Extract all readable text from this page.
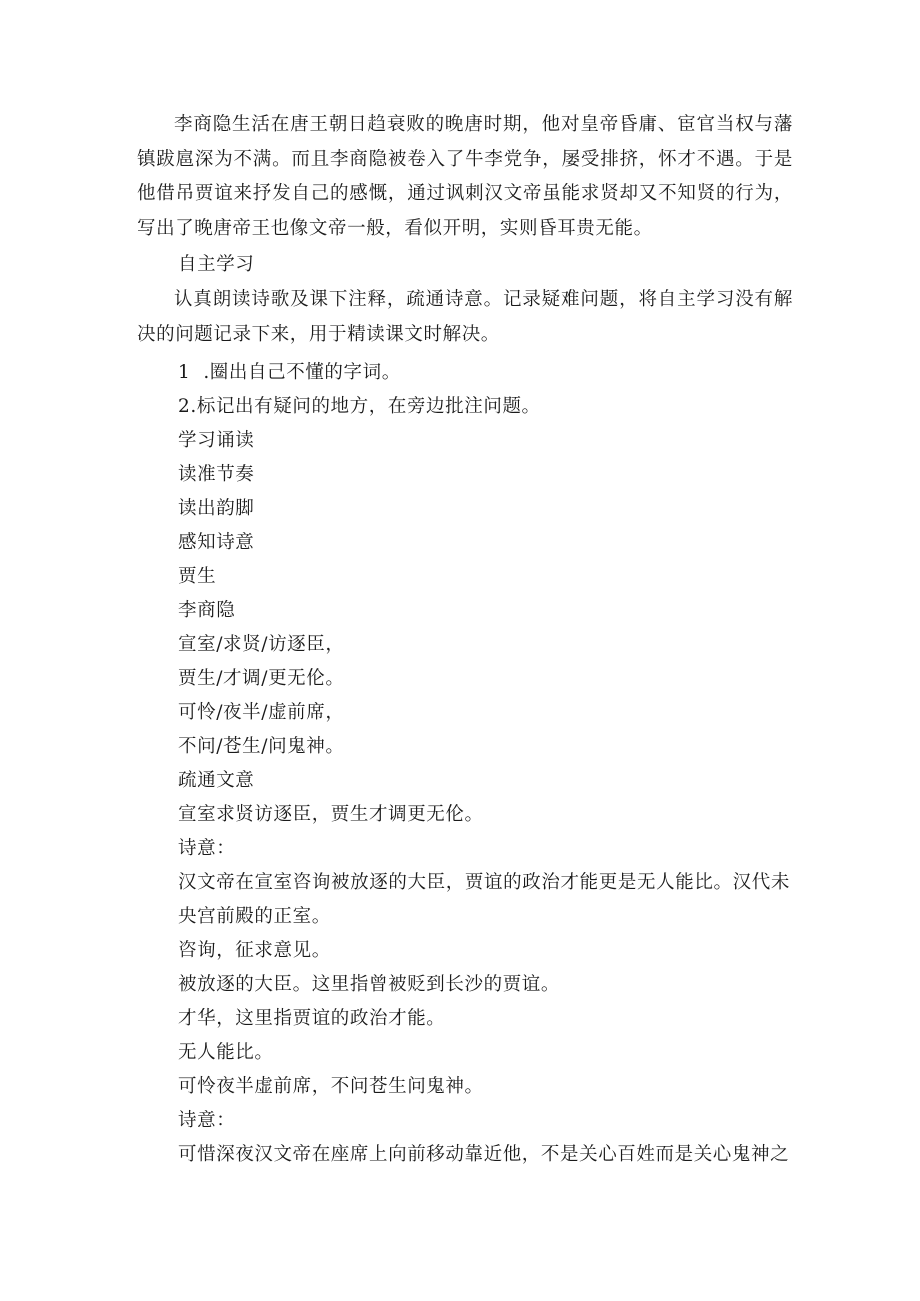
李商隐生活在唐王朝日趋衰败的晚唐时期，他对皇帝昏庸、宦官当权与藩镇跋扈深为不满。而且李商隐被卷入了牛李党争，屡受排挤，怀才不遇。于是他借吊贾谊来抒发自己的感慨，通过讽刺汉文帝虽能求贤却又不知贤的行为，写出了晚唐帝王也像文帝一般，看似开明，实则昏耳贵无能。

自主学习

认真朗读诗歌及课下注释，疏通诗意。记录疑难问题，将自主学习没有解决的问题记录下来，用于精读课文时解决。

1  .圈出自己不懂的字词。

2.标记出有疑问的地方，在旁边批注问题。

学习诵读

读准节奏

读出韵脚

感知诗意

贾生

李商隐

宣室/求贤/访逐臣，

贾生/才调/更无伦。

可怜/夜半/虚前席，

不问/苍生/问鬼神。

疏通文意

宣室求贤访逐臣，贾生才调更无伦。

诗意：

汉文帝在宣室咨询被放逐的大臣，贾谊的政治才能更是无人能比。汉代未央宫前殿的正室。

咨询，征求意见。

被放逐的大臣。这里指曾被贬到长沙的贾谊。

才华，这里指贾谊的政治才能。

无人能比。

可怜夜半虚前席，不问苍生问鬼神。

诗意：

可惜深夜汉文帝在座席上向前移动靠近他，不是关心百姓而是关心鬼神之
